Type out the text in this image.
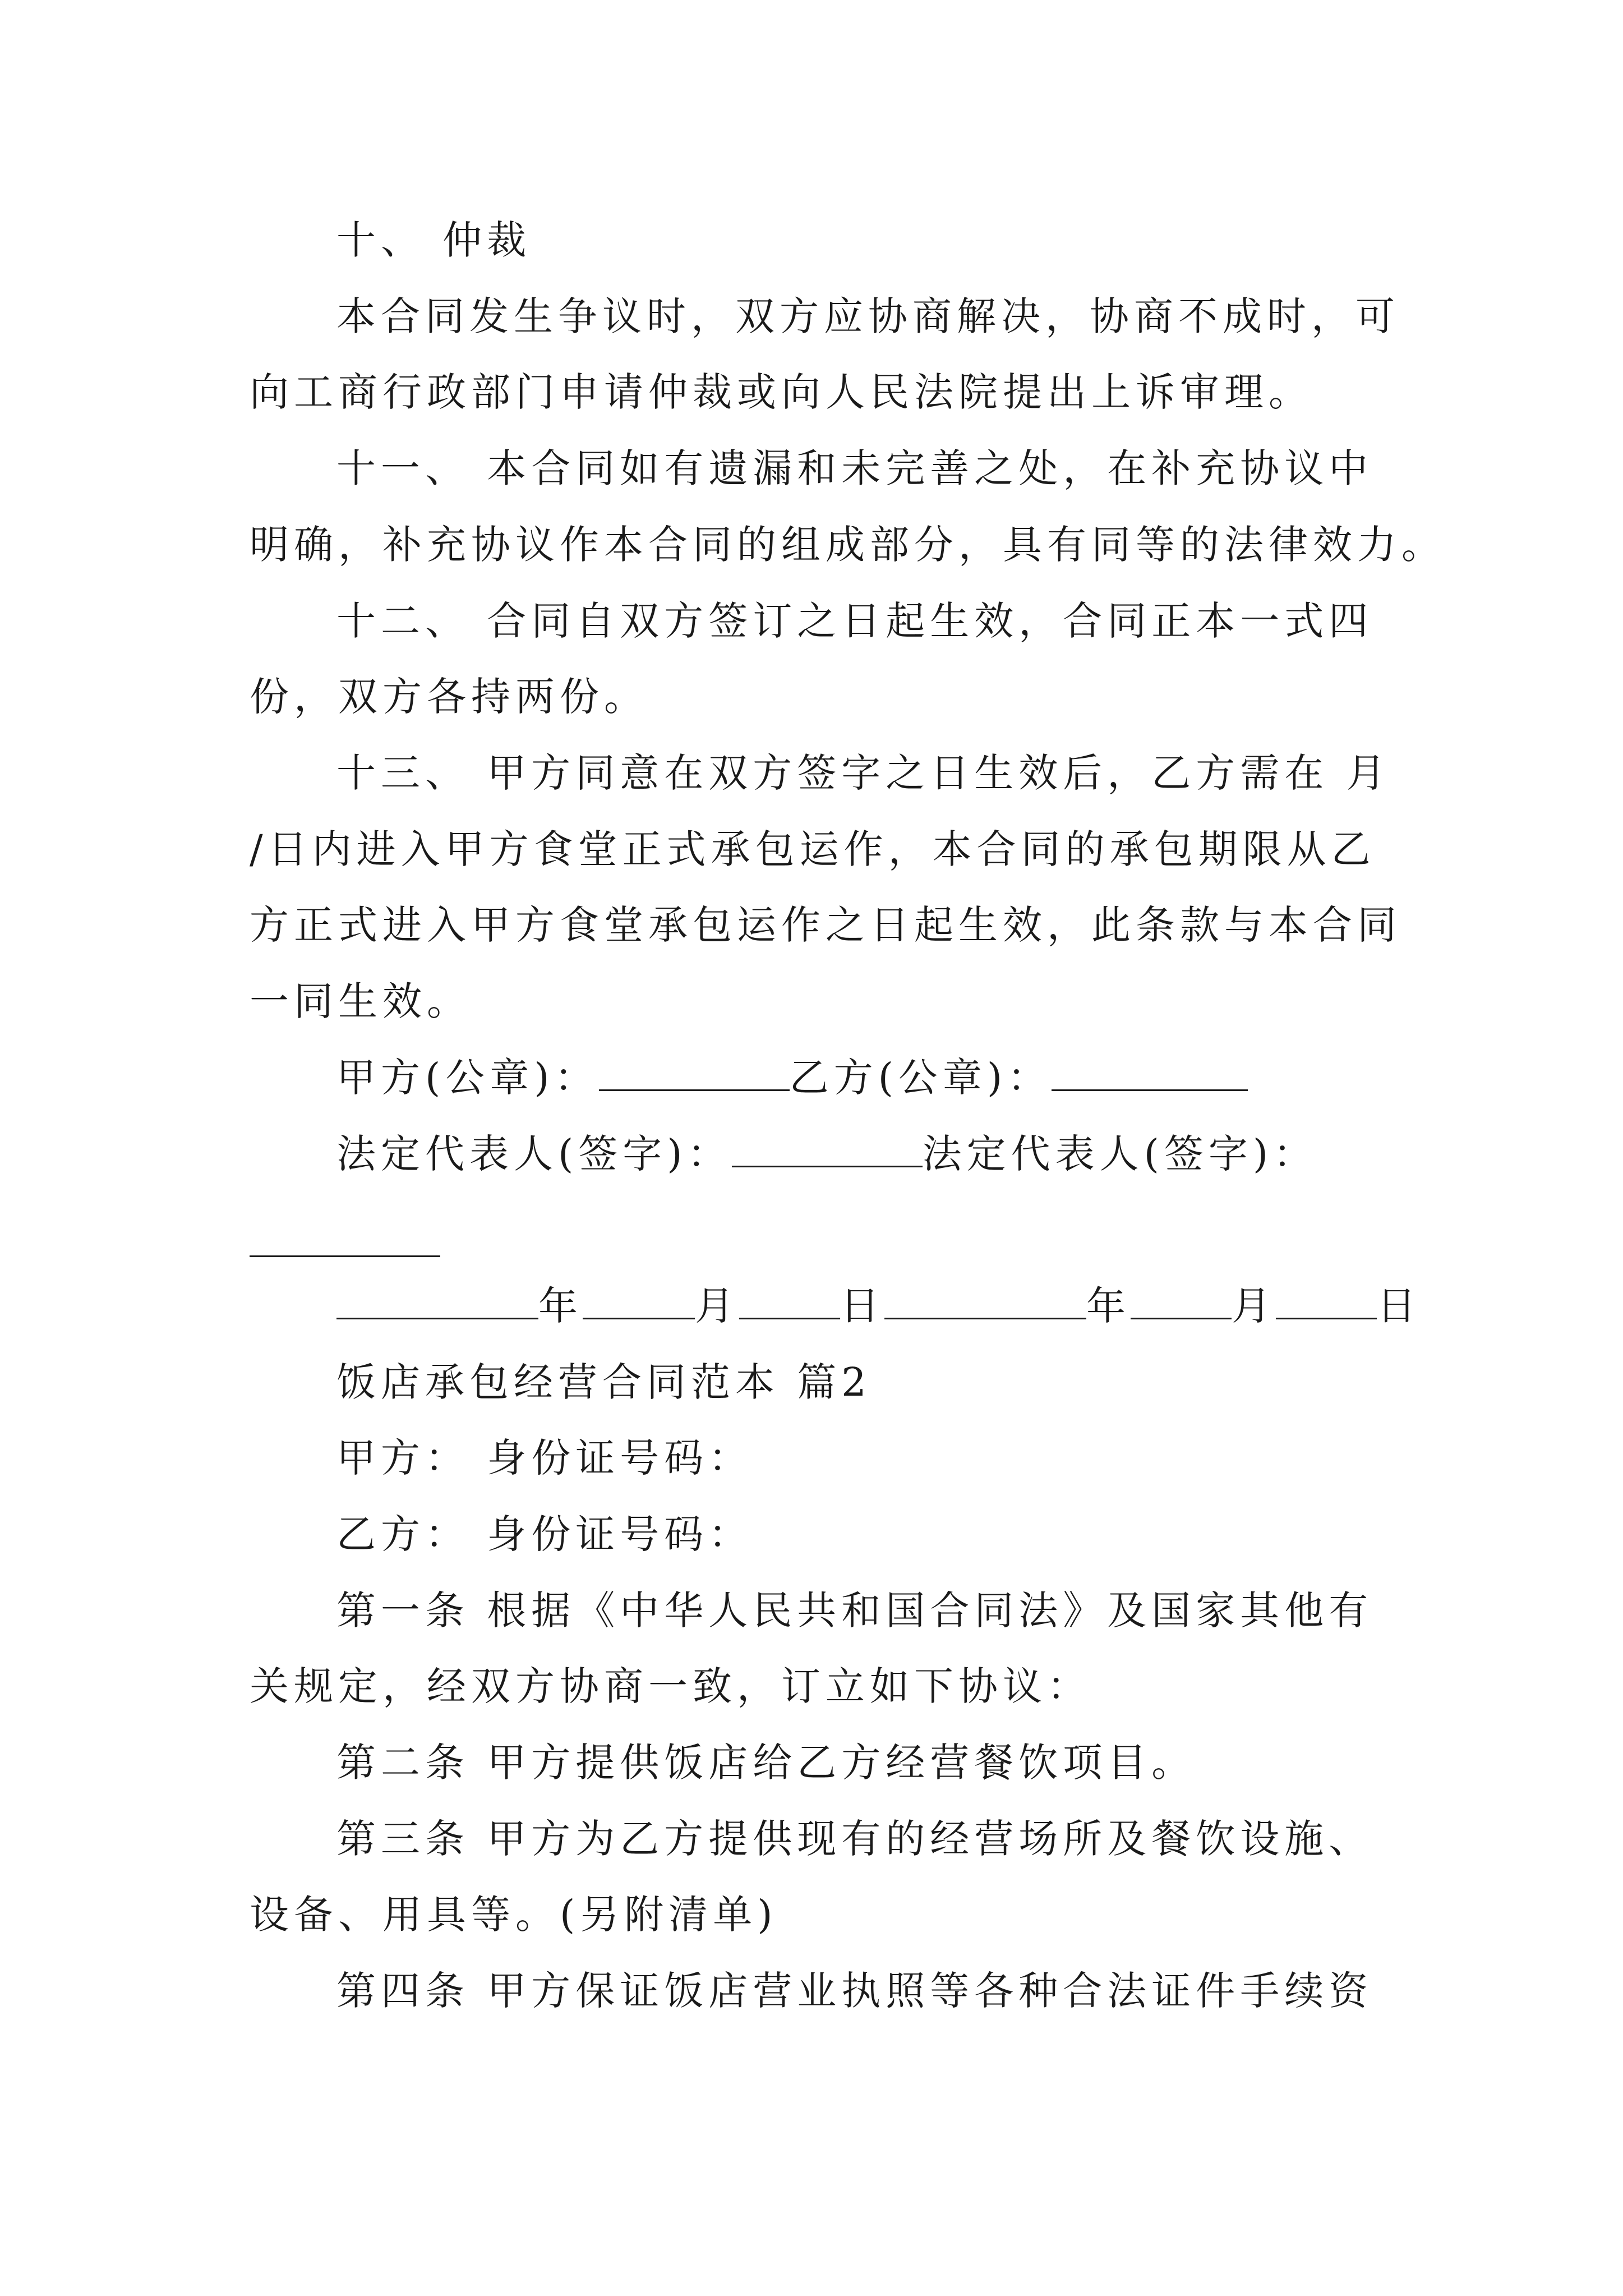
十、 仲裁
本合同发生争议时，双方应协商解决，协商不成时，可
向工商行政部门申请仲裁或向人民法院提出上诉审理。
十一、 本合同如有遗漏和未完善之处，在补充协议中
明确，补充协议作本合同的组成部分，具有同等的法律效力。
十二、 合同自双方签订之日起生效，合同正本一式四
份，双方各持两份。
十三、 甲方同意在双方签字之日生效后，乙方需在 月
/日内进入甲方食堂正式承包运作，本合同的承包期限从乙
方正式进入甲方食堂承包运作之日起生效，此条款与本合同
一同生效。
甲方(公章)：	乙方(公章)：
法定代表人(签字)：	法定代表人(签字)：
年	月	日	年	月	日
饭店承包经营合同范本 篇2
甲方： 身份证号码：
乙方： 身份证号码：
第一条 根据《中华人民共和国合同法》及国家其他有
关规定，经双方协商一致，订立如下协议：
第二条 甲方提供饭店给乙方经营餐饮项目。
第三条 甲方为乙方提供现有的经营场所及餐饮设施、
设备、用具等。(另附清单)
第四条 甲方保证饭店营业执照等各种合法证件手续资
